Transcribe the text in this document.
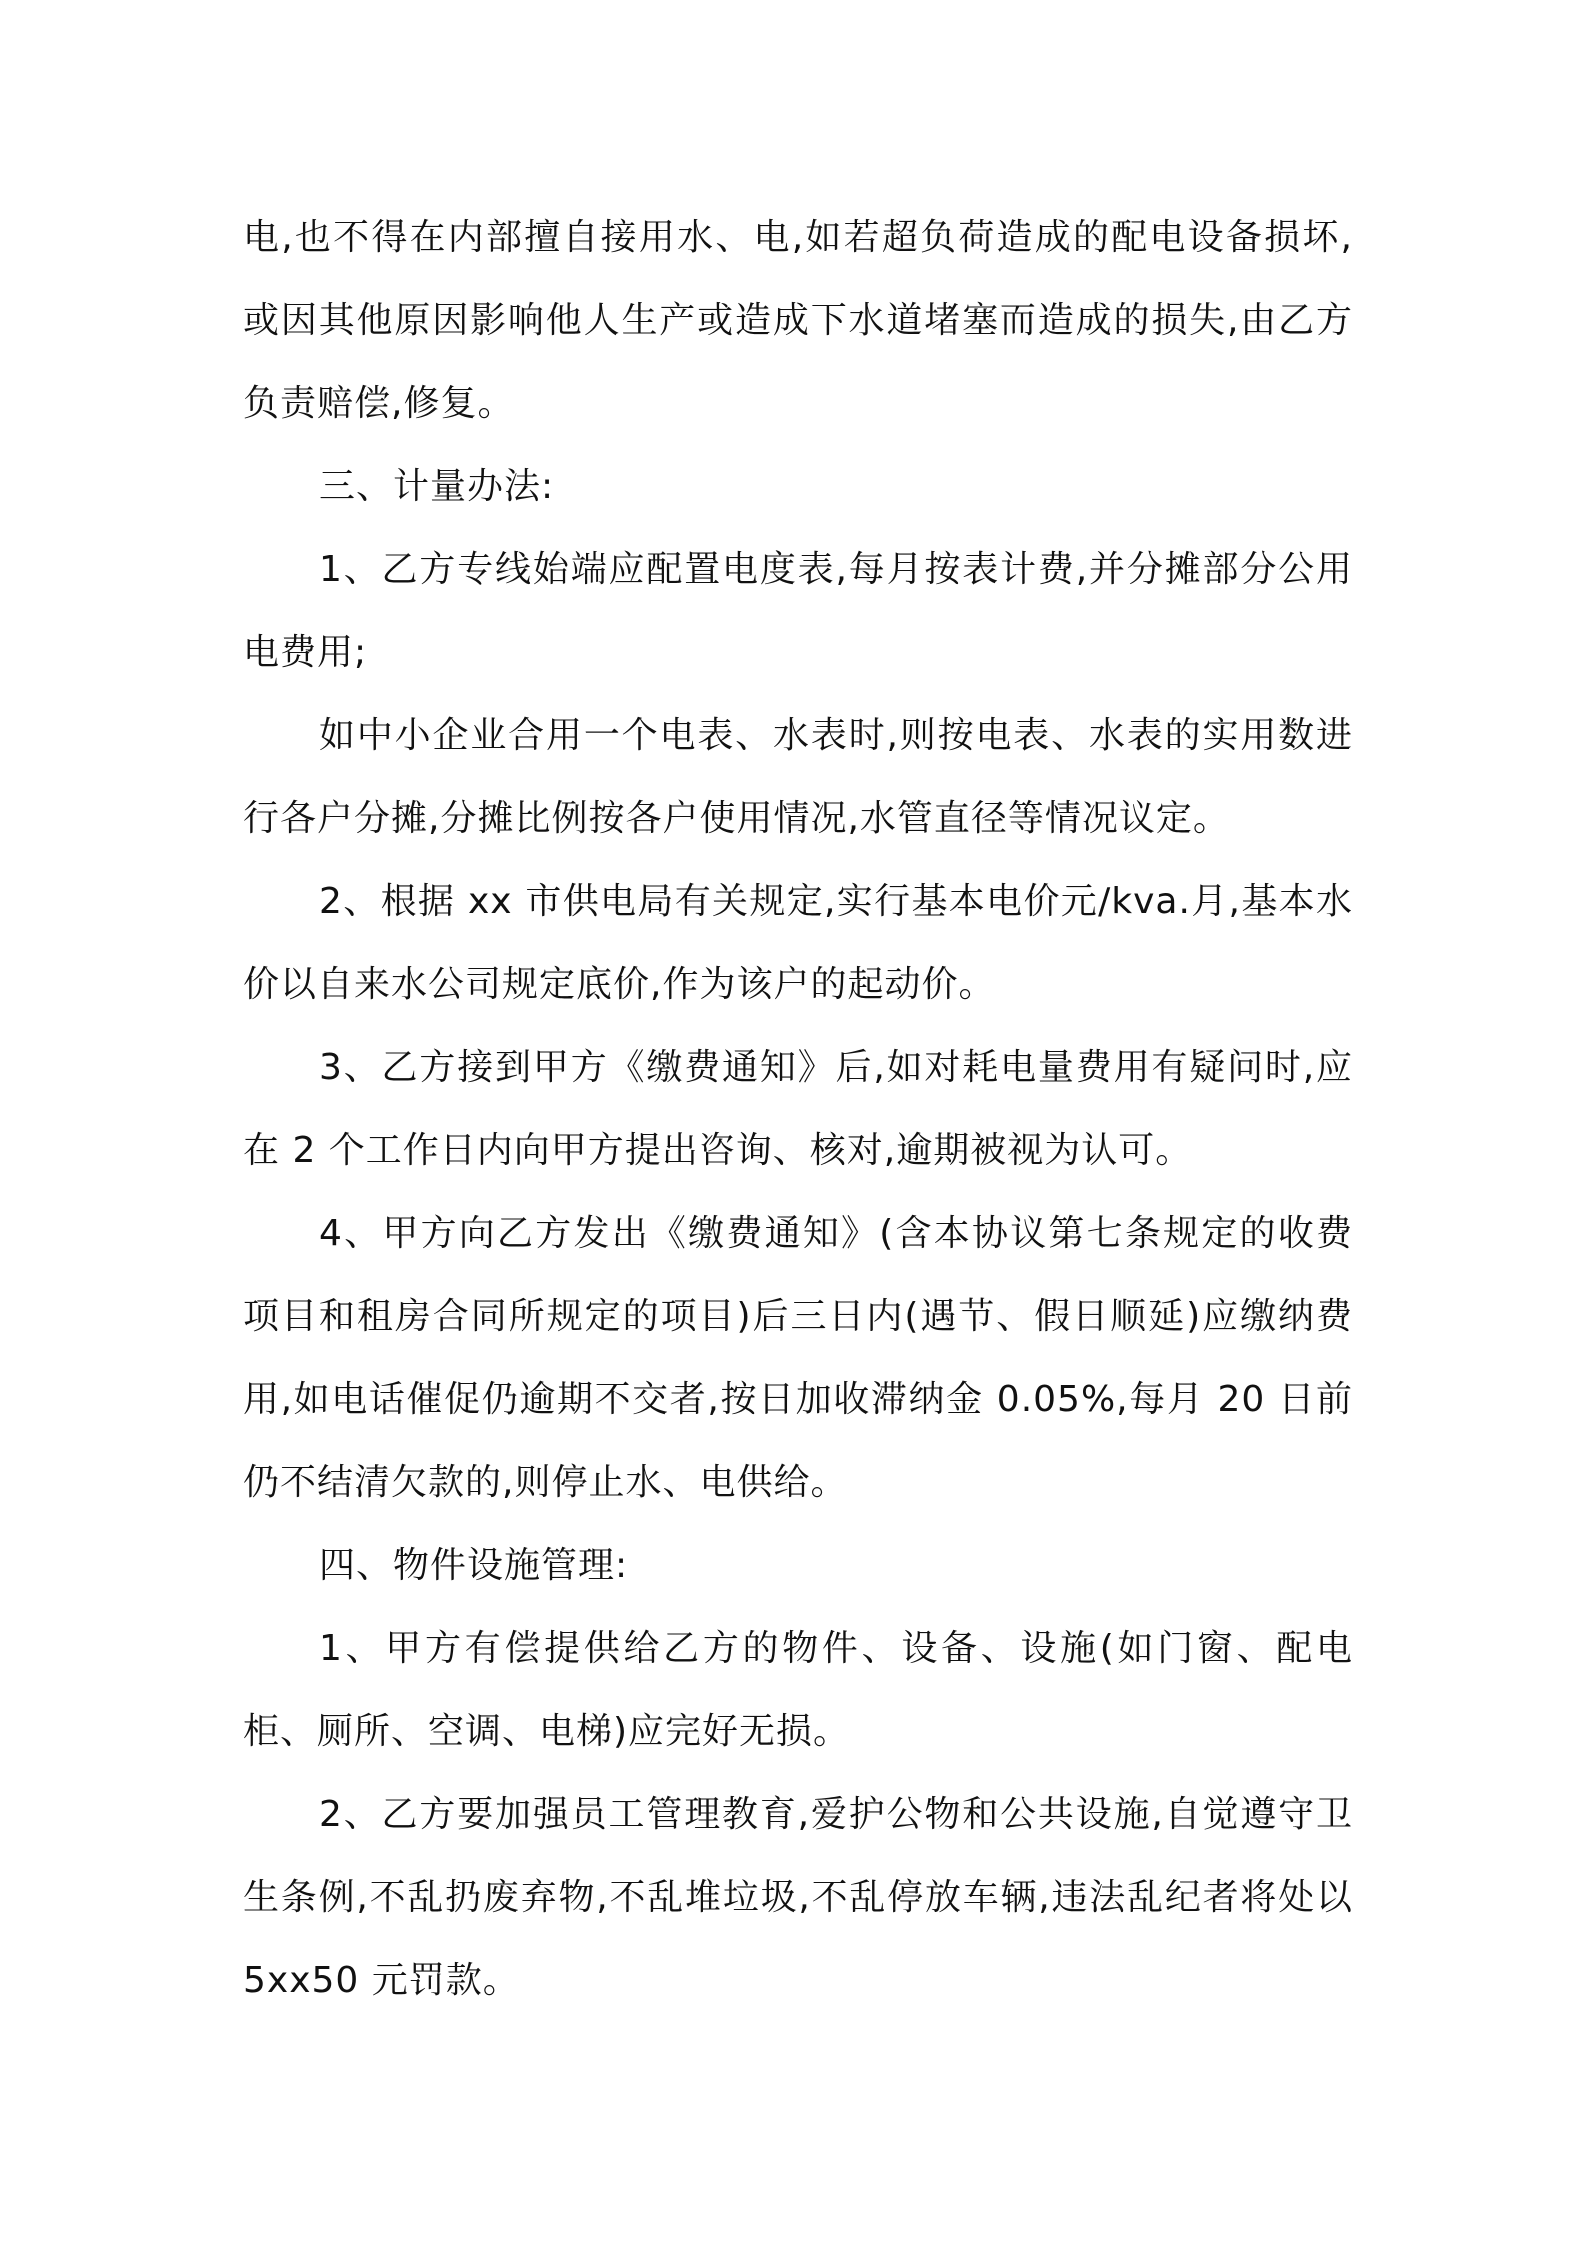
电,也不得在内部擅自接用水、电,如若超负荷造成的配电设备损坏,或因其他原因影响他人生产或造成下水道堵塞而造成的损失,由乙方负责赔偿,修复。

三、计量办法:

1、乙方专线始端应配置电度表,每月按表计费,并分摊部分公用电费用;

如中小企业合用一个电表、水表时,则按电表、水表的实用数进行各户分摊,分摊比例按各户使用情况,水管直径等情况议定。

2、根据 xx 市供电局有关规定,实行基本电价元/kva.月,基本水价以自来水公司规定底价,作为该户的起动价。

3、乙方接到甲方《缴费通知》后,如对耗电量费用有疑问时,应在 2 个工作日内向甲方提出咨询、核对,逾期被视为认可。

4、甲方向乙方发出《缴费通知》(含本协议第七条规定的收费项目和租房合同所规定的项目)后三日内(遇节、假日顺延)应缴纳费用,如电话催促仍逾期不交者,按日加收滞纳金 0.05%,每月 20 日前仍不结清欠款的,则停止水、电供给。

四、物件设施管理:

1、甲方有偿提供给乙方的物件、设备、设施(如门窗、配电柜、厕所、空调、电梯)应完好无损。

2、乙方要加强员工管理教育,爱护公物和公共设施,自觉遵守卫生条例,不乱扔废弃物,不乱堆垃圾,不乱停放车辆,违法乱纪者将处以 5xx50 元罚款。
